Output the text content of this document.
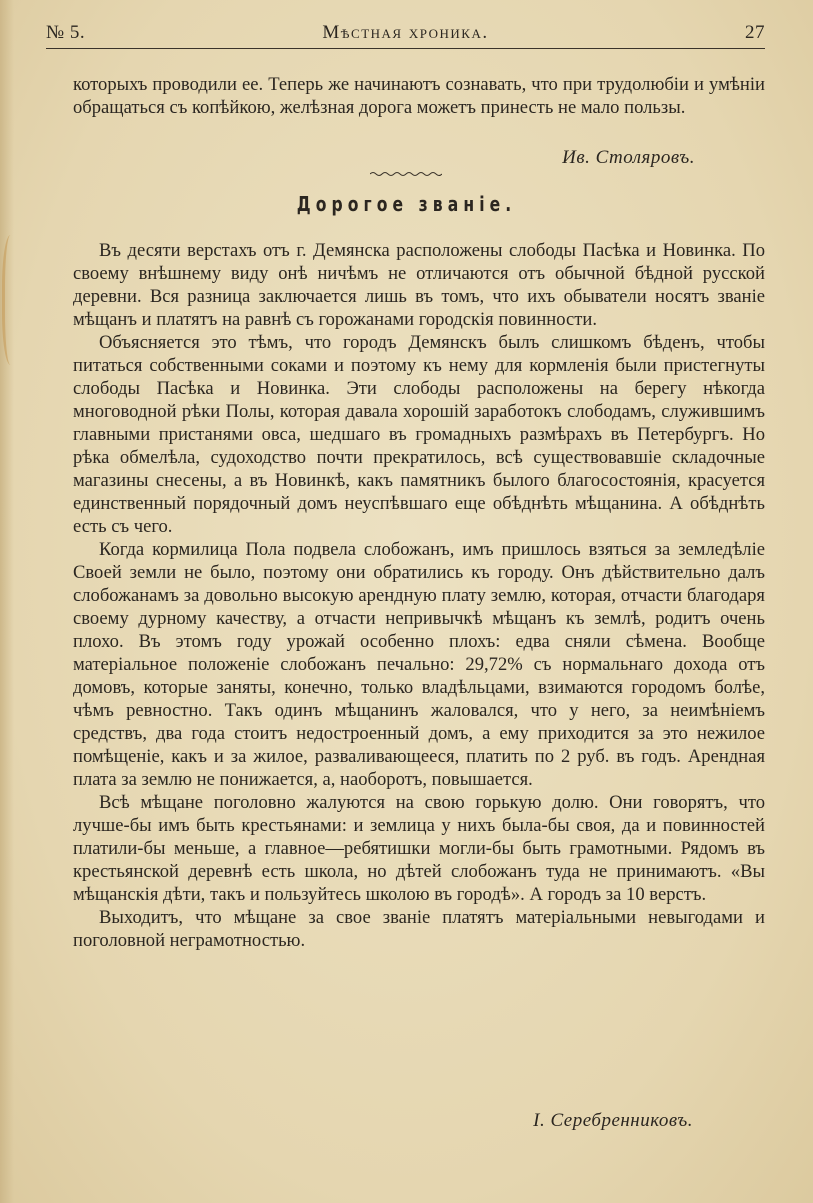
№ 5.	Мѣстная хроника.	27

которыхъ проводили ее. Теперь же начинаютъ сознавать, что при трудолюбіи и умѣніи обращаться съ копѣйкою, желѣзная дорога можетъ принесть не мало пользы.

Ив. Столяровъ.
Дорогое званіе.

Въ десяти верстахъ отъ г. Демянска расположены слободы Пасѣка и Новинка. По своему внѣшнему виду онѣ ничѣмъ не отличаются отъ обычной бѣдной русской деревни. Вся разница заключается лишь въ томъ, что ихъ обыватели носятъ званіе мѣщанъ и платятъ на равнѣ съ горожанами городскія повинности.

Объясняется это тѣмъ, что городъ Демянскъ былъ слишкомъ бѣденъ, чтобы питаться собственными соками и поэтому къ нему для кормленія были пристегнуты слободы Пасѣка и Новинка. Эти слободы расположены на берегу нѣкогда многоводной рѣки Полы, которая давала хорошій заработокъ слободамъ, служившимъ главными пристанями овса, шедшаго въ громадныхъ размѣрахъ въ Петербургъ. Но рѣка обмелѣла, судоходство почти прекратилось, всѣ существовавшіе складочные магазины снесены, а въ Новинкѣ, какъ памятникъ былого благосостоянія, красуется единственный порядочный домъ неуспѣвшаго еще обѣднѣть мѣщанина. А обѣднѣть есть съ чего.

Когда кормилица Пола подвела слобожанъ, имъ пришлось взяться за земледѣліе Своей земли не было, поэтому они обратились къ городу. Онъ дѣйствительно далъ слобожанамъ за довольно высокую арендную плату землю, которая, отчасти благодаря своему дурному качеству, а отчасти непривычкѣ мѣщанъ къ землѣ, родитъ очень плохо. Въ этомъ году урожай особенно плохъ: едва сняли сѣмена. Вообще матеріальное положеніе слобожанъ печально: 29,72% съ нормальнаго дохода отъ домовъ, которые заняты, конечно, только владѣльцами, взимаются городомъ болѣе, чѣмъ ревностно. Такъ одинъ мѣщанинъ жаловался, что у него, за неимѣніемъ средствъ, два года стоитъ недостроенный домъ, а ему приходится за это нежилое помѣщеніе, какъ и за жилое, разваливающееся, платить по 2 руб. въ годъ. Арендная плата за землю не понижается, а, наоборотъ, повышается.

Всѣ мѣщане поголовно жалуются на свою горькую долю. Они говорятъ, что лучше-бы имъ быть крестьянами: и землица у нихъ была-бы своя, да и повинностей платили-бы меньше, а главное—ребятишки могли-бы быть грамотными. Рядомъ въ крестьянской деревнѣ есть школа, но дѣтей слобожанъ туда не принимаютъ. «Вы мѣщанскія дѣти, такъ и пользуйтесь школою въ городѣ». А городъ за 10 верстъ.

Выходитъ, что мѣщане за свое званіе платятъ матеріальными невыгодами и поголовной неграмотностью.

І. Серебренниковъ.
